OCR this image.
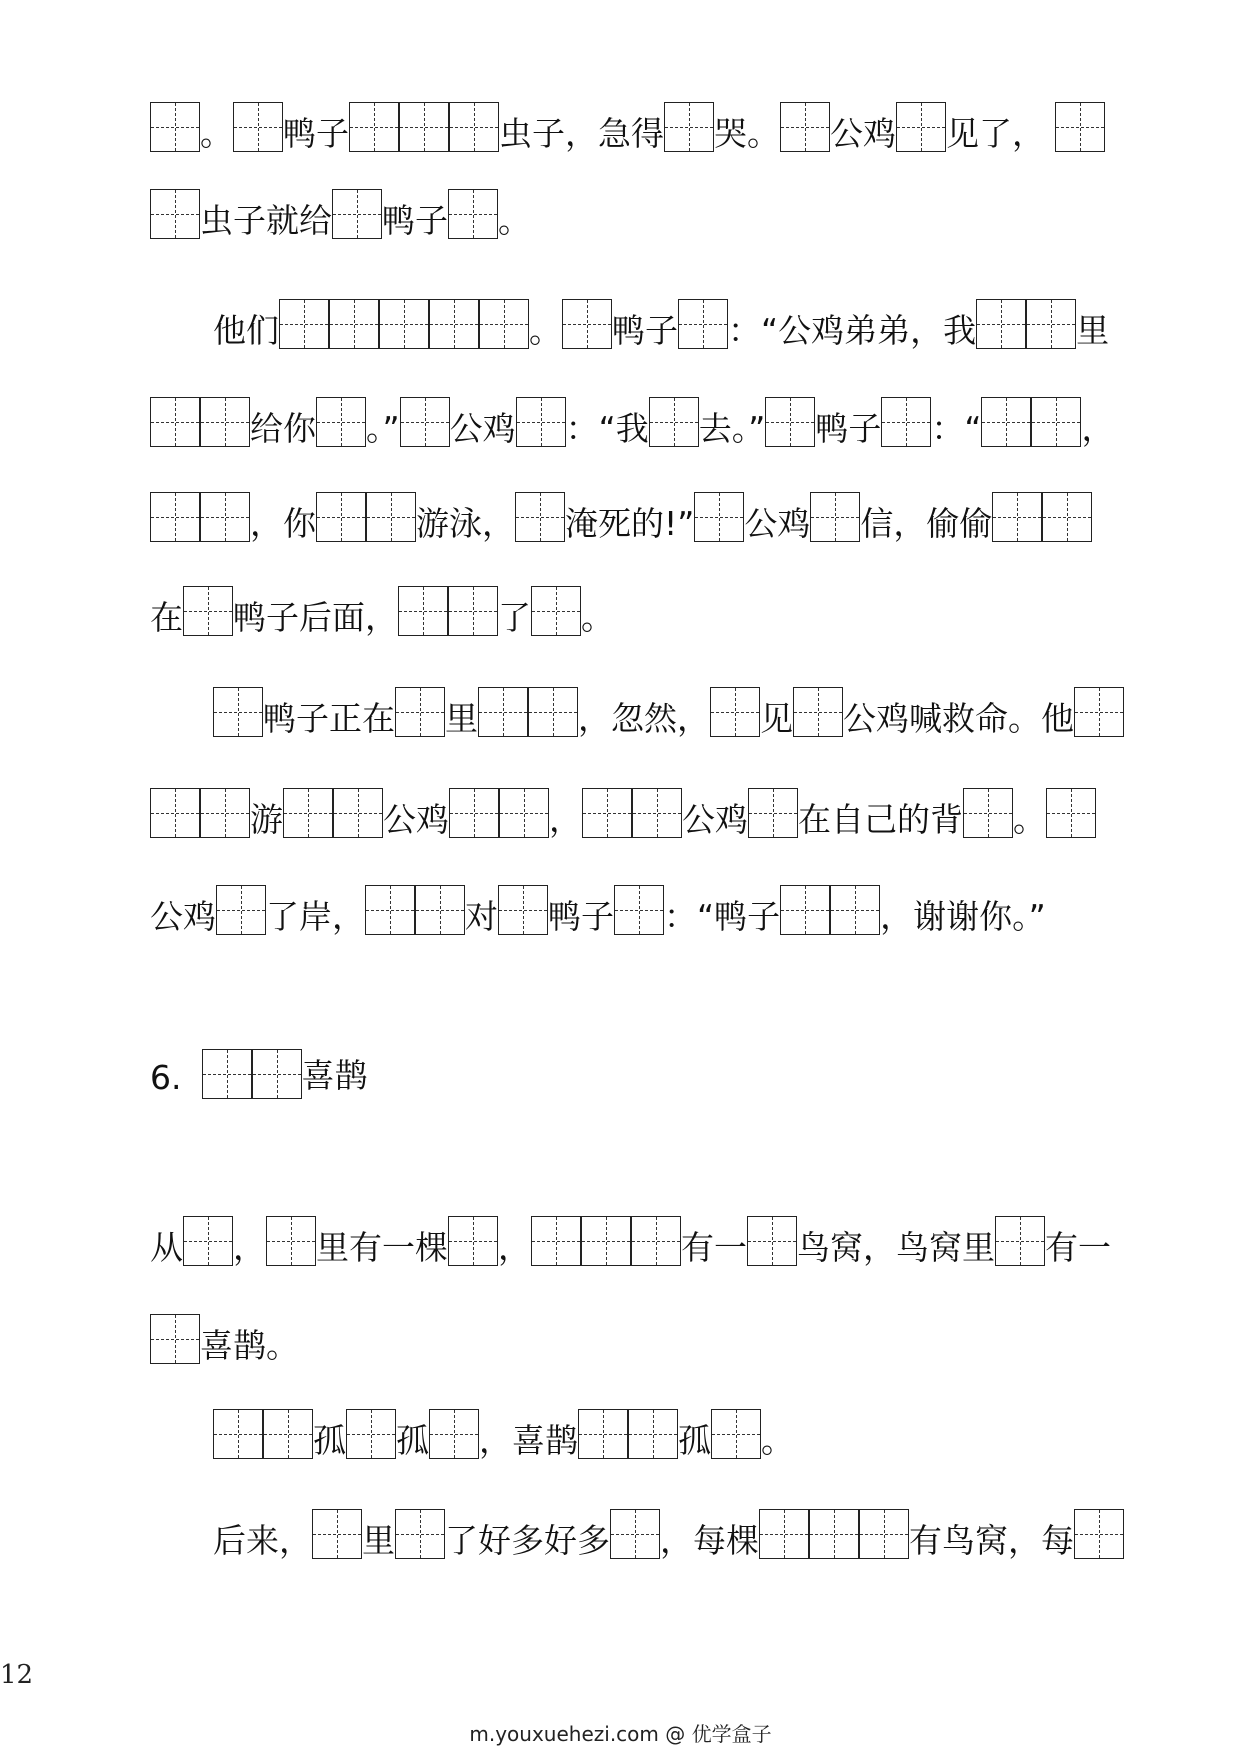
。 鸭子	虫子，急得 哭。 公鸡 见了，
虫子就给 鸭子 。
他们	。 鸭子 ：“公鸡弟弟，我	里
给你 。” 公鸡 ：“我 去。” 鸭子 ：“	，
，你	游泳， 淹死的!” 公鸡 信，偷偷
在 鸭子后面，	了 。
鸭子正在 里	，忽然， 见 公鸡喊救命。他
游	公鸡	，	公鸡 在自己的背 。
公鸡 了岸，	对 鸭子 ：“鸭子	，谢谢你。”
6.	喜鹊
从 ， 里有一棵 ，	有一 鸟窝，鸟窝里 有一
喜鹊。
孤 孤 ，喜鹊	孤 。
后来， 里 了好多好多 ，每棵	有鸟窝，每
12
m.youxuehezi.com @ 优学盒子
